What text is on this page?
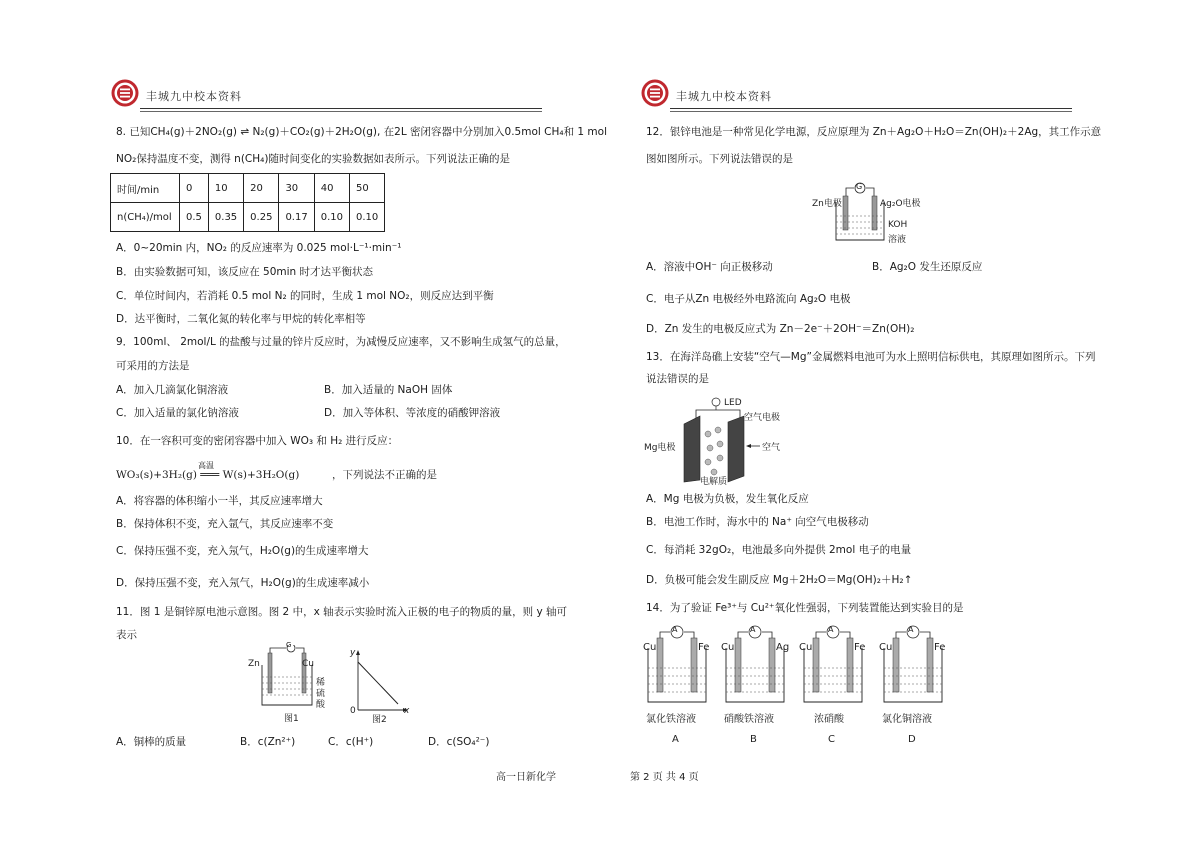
丰城九中校本资料
8. 已知CH₄(g)＋2NO₂(g) ⇌ N₂(g)＋CO₂(g)＋2H₂O(g), 在2L 密闭容器中分别加入0.5mol CH₄和 1 mol
NO₂保持温度不变，测得 n(CH₄)随时间变化的实验数据如表所示。下列说法正确的是
时间/min	0	10	20	30	40	50
n(CH₄)/mol	0.5	0.35	0.25	0.17	0.10	0.10
A．0~20min 内，NO₂ 的反应速率为 0.025 mol·L⁻¹·min⁻¹
B．由实验数据可知，该反应在 50min 时才达平衡状态
C．单位时间内，若消耗 0.5 mol N₂ 的同时，生成 1 mol NO₂，则反应达到平衡
D．达平衡时，二氧化氮的转化率与甲烷的转化率相等
9．100ml、 2mol/L 的盐酸与过量的锌片反应时，为减慢反应速率，又不影响生成氢气的总量，
可采用的方法是
A．加入几滴氯化铜溶液	B．加入适量的 NaOH 固体
C．加入适量的氯化钠溶液	D．加入等体积、等浓度的硝酸钾溶液
10．在一容积可变的密闭容器中加入 WO₃ 和 H₂ 进行反应：
高温
WO₃(s)+3H₂(g) ═══ W(s)+3H₂O(g)	，下列说法不正确的是
A．将容器的体积缩小一半，其反应速率增大
B．保持体积不变，充入氩气，其反应速率不变
C．保持压强不变，充入氖气，H₂O(g)的生成速率增大
D．保持压强不变，充入氖气，H₂O(g)的生成速率减小
11．图 1 是铜锌原电池示意图。图 2 中，x 轴表示实验时流入正极的电子的物质的量，则 y 轴可
表示
G
Zn	Cu
稀
硫
酸
图1
y
0	x
图2
A．铜棒的质量	B．c(Zn²⁺)	C．c(H⁺)	D．c(SO₄²⁻)
高一日新化学
丰城九中校本资料
12．银锌电池是一种常见化学电源，反应原理为 Zn＋Ag₂O＋H₂O＝Zn(OH)₂＋2Ag，其工作示意
图如图所示。下列说法错误的是
G
Zn电极	Ag₂O电极
KOH
溶液
A．溶液中OH⁻ 向正极移动	B．Ag₂O 发生还原反应
C．电子从Zn 电极经外电路流向 Ag₂O 电极
D．Zn 发生的电极反应式为 Zn－2e⁻＋2OH⁻＝Zn(OH)₂
13．在海洋岛礁上安装“空气—Mg”金属燃料电池可为水上照明信标供电，其原理如图所示。下列
说法错误的是
LED
空气电极
Mg电极	空气
电解质
A．Mg 电极为负极，发生氧化反应
B．电池工作时，海水中的 Na⁺ 向空气电极移动
C．每消耗 32gO₂，电池最多向外提供 2mol 电子的电量
D．负极可能会发生副反应 Mg＋2H₂O＝Mg(OH)₂＋H₂↑
14．为了验证 Fe³⁺与 Cu²⁺氧化性强弱，下列装置能达到实验目的是
A
Cu	Fe
氯化铁溶液
A
A
Cu	Ag
硝酸铁溶液
B
A
Cu	Fe
浓硝酸
C
A
Cu	Fe
氯化铜溶液
D
第 2 页 共 4 页
